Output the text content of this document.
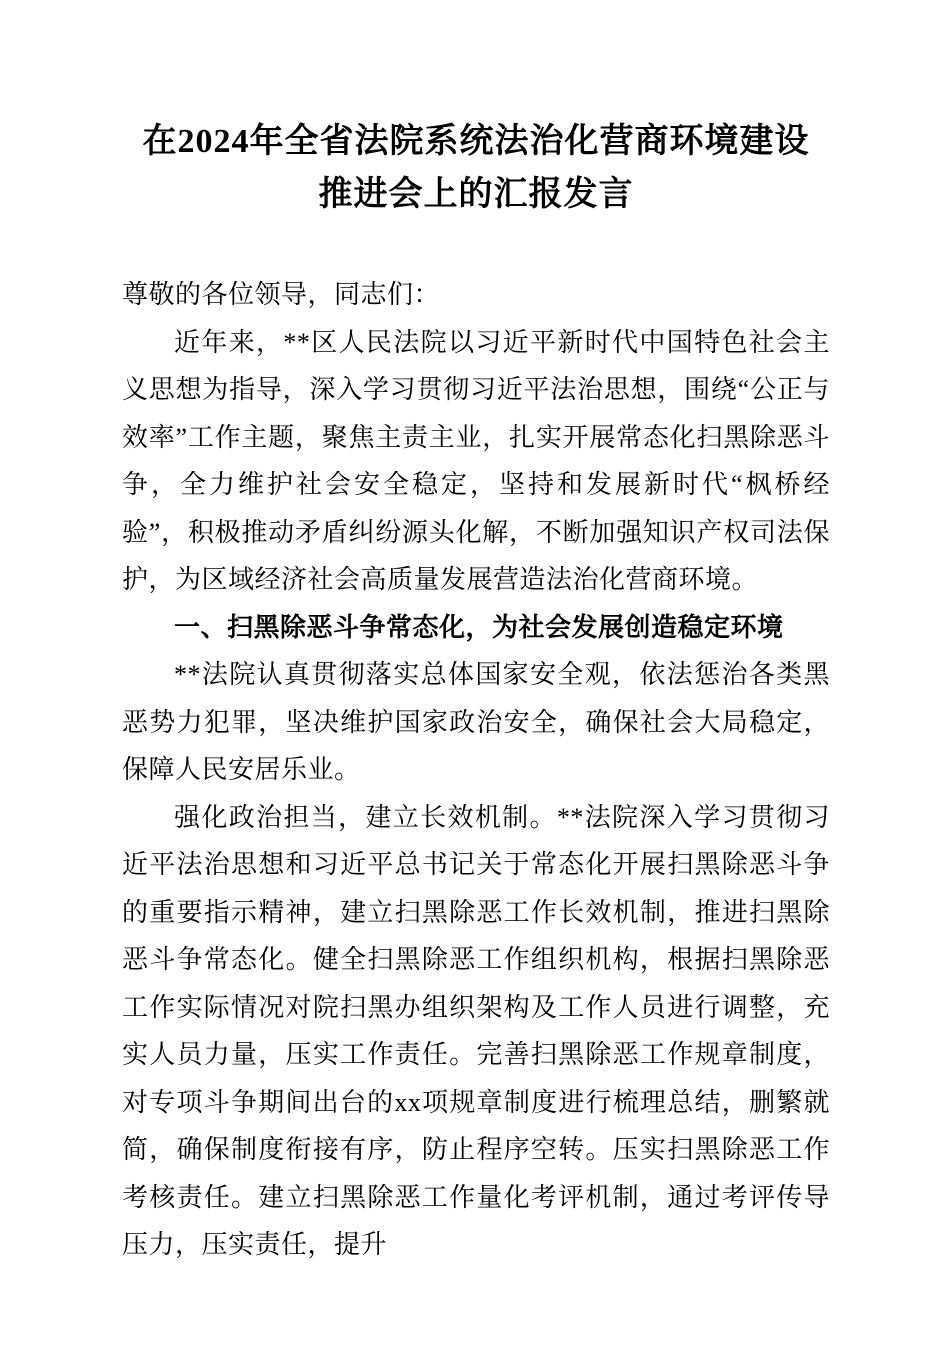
在2024年全省法院系统法治化营商环境建设
推进会上的汇报发言

尊敬的各位领导，同志们：

近年来，**区人民法院以习近平新时代中国特色社会主义思想为指导，深入学习贯彻习近平法治思想，围绕“公正与效率”工作主题，聚焦主责主业，扎实开展常态化扫黑除恶斗争，全力维护社会安全稳定，坚持和发展新时代“枫桥经验”，积极推动矛盾纠纷源头化解，不断加强知识产权司法保护，为区域经济社会高质量发展营造法治化营商环境。

一、扫黑除恶斗争常态化，为社会发展创造稳定环境

**法院认真贯彻落实总体国家安全观，依法惩治各类黑恶势力犯罪，坚决维护国家政治安全，确保社会大局稳定，保障人民安居乐业。

强化政治担当，建立长效机制。**法院深入学习贯彻习近平法治思想和习近平总书记关于常态化开展扫黑除恶斗争的重要指示精神，建立扫黑除恶工作长效机制，推进扫黑除恶斗争常态化。健全扫黑除恶工作组织机构，根据扫黑除恶工作实际情况对院扫黑办组织架构及工作人员进行调整，充实人员力量，压实工作责任。完善扫黑除恶工作规章制度，对专项斗争期间出台的xx项规章制度进行梳理总结，删繁就简，确保制度衔接有序，防止程序空转。压实扫黑除恶工作考核责任。建立扫黑除恶工作量化考评机制，通过考评传导压力，压实责任，提升
